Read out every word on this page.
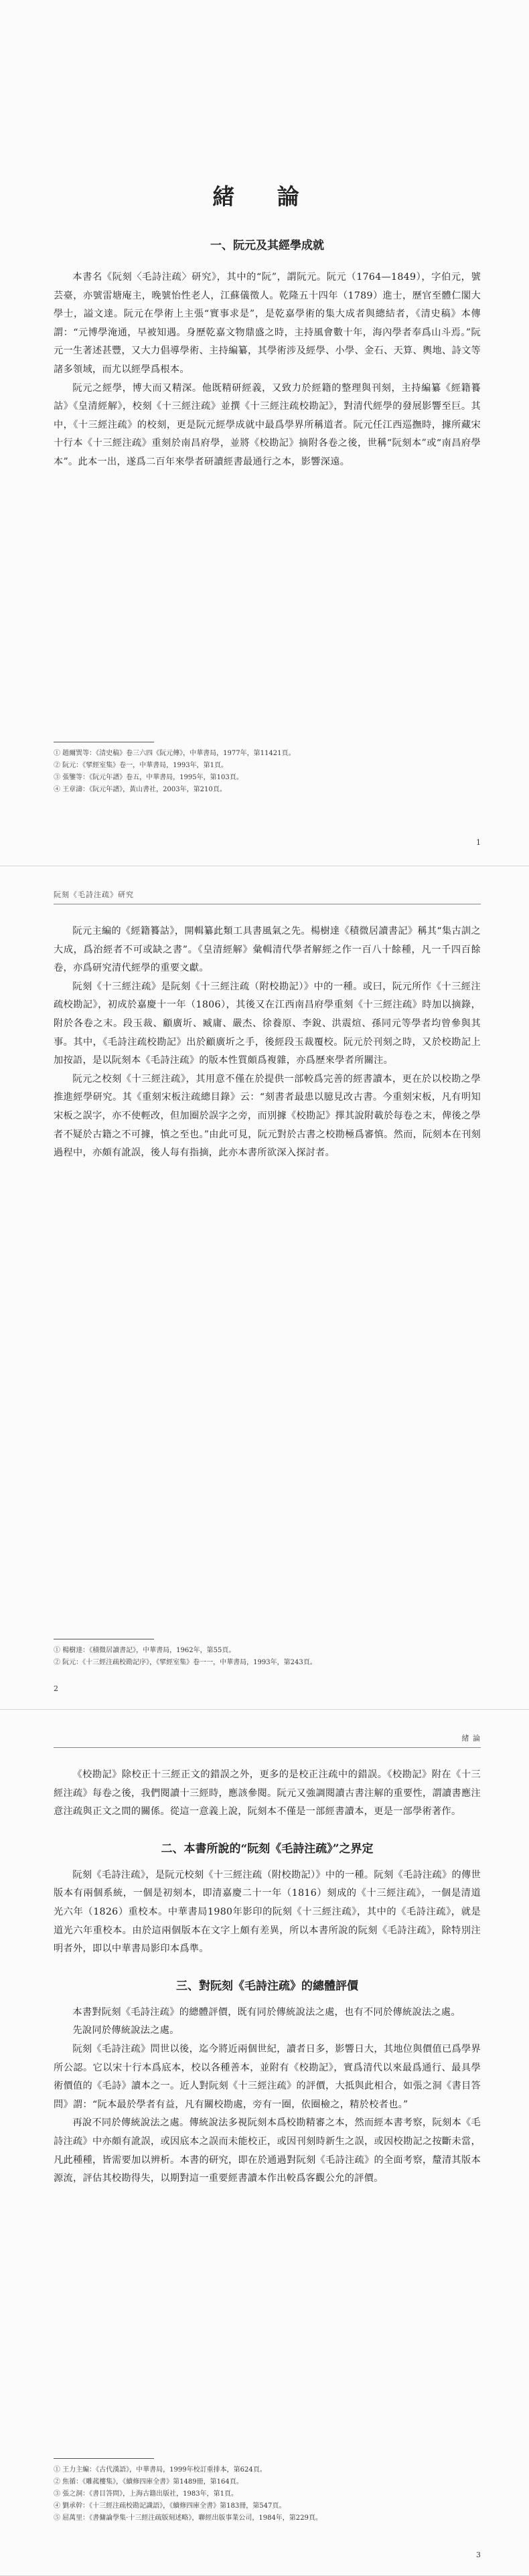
緒 論
一、阮元及其經學成就

本書名《阮刻〈毛詩注疏〉研究》，其中的“阮”，謂阮元。阮元（1764—1849），字伯元，號芸臺，亦號雷塘庵主，晚號怡性老人，江蘇儀徵人。乾隆五十四年（1789）進士，歷官至體仁閣大學士，謚文達。阮元在學術上主張“實事求是”，是乾嘉學術的集大成者與總結者，《清史稿》本傳謂：“元博學淹通，早被知遇。身歷乾嘉文物鼎盛之時，主持風會數十年，海內學者奉爲山斗焉。”阮元一生著述甚豐，又大力倡導學術、主持編纂，其學術涉及經學、小學、金石、天算、輿地、詩文等諸多領域，而尤以經學爲根本。

阮元之經學，博大而又精深。他既精研經義，又致力於經籍的整理與刊刻，主持編纂《經籍籑詁》《皇清經解》，校刻《十三經注疏》並撰《十三經注疏校勘記》，對清代經學的發展影響至巨。其中，《十三經注疏》的校刻，更是阮元經學成就中最爲學界所稱道者。阮元任江西巡撫時，據所藏宋十行本《十三經注疏》重刻於南昌府學，並將《校勘記》摘附各卷之後，世稱“阮刻本”或“南昌府學本”。此本一出，遂爲二百年來學者研讀經書最通行之本，影響深遠。

① 趙爾巽等：《清史稿》卷三六四《阮元傳》，中華書局，1977年，第11421頁。

② 阮元：《揅經室集》卷一，中華書局，1993年，第1頁。

③ 張鑒等：《阮元年譜》卷五，中華書局，1995年，第103頁。

④ 王章濤：《阮元年譜》，黃山書社，2003年，第210頁。

1
阮刻《毛詩注疏》研究

阮元主編的《經籍籑詁》，開輯纂此類工具書風氣之先。楊樹達《積微居讀書記》稱其“集古訓之大成，爲治經者不可或缺之書”。《皇清經解》彙輯清代學者解經之作一百八十餘種，凡一千四百餘卷，亦爲研究清代經學的重要文獻。

阮刻《十三經注疏》是阮刻《十三經注疏（附校勘記）》中的一種。或曰，阮元所作《十三經注疏校勘記》，初成於嘉慶十一年（1806），其後又在江西南昌府學重刻《十三經注疏》時加以摘錄，附於各卷之末。段玉裁、顧廣圻、臧庸、嚴杰、徐養原、李銳、洪震煊、孫同元等學者均曾參與其事。其中，《毛詩注疏校勘記》出於顧廣圻之手，後經段玉裁覆校。阮元於刊刻之時，又於校勘記上加按語，是以阮刻本《毛詩注疏》的版本性質頗爲複雜，亦爲歷來學者所關注。

阮元之校刻《十三經注疏》，其用意不僅在於提供一部較爲完善的經書讀本，更在於以校勘之學推進經學研究。其《重刻宋板注疏總目錄》云：“刻書者最患以臆見改古書。今重刻宋板，凡有明知宋板之誤字，亦不使輕改，但加圈於誤字之旁，而別據《校勘記》擇其說附載於每卷之末，俾後之學者不疑於古籍之不可據，慎之至也。”由此可見，阮元對於古書之校勘極爲審慎。然而，阮刻本在刊刻過程中，亦頗有訛誤，後人每有指摘，此亦本書所欲深入探討者。

① 楊樹達：《積微居讀書記》，中華書局，1962年，第55頁。

② 阮元：《十三經注疏校勘記序》，《揅經室集》卷一一，中華書局，1993年，第243頁。

2
緒 論

《校勘記》除校正十三經正文的錯誤之外，更多的是校正注疏中的錯誤。《校勘記》附在《十三經注疏》每卷之後，我們閱讀十三經時，應該參閱。阮元又強調閱讀古書注解的重要性，謂讀書應注意注疏與正文之間的關係。從這一意義上說，阮刻本不僅是一部經書讀本，更是一部學術著作。

二、本書所說的“阮刻《毛詩注疏》”之界定

阮刻《毛詩注疏》，是阮元校刻《十三經注疏（附校勘記）》中的一種。阮刻《毛詩注疏》的傳世版本有兩個系統，一個是初刻本，即清嘉慶二十一年（1816）刻成的《十三經注疏》，一個是清道光六年（1826）重校本。中華書局1980年影印的阮刻《十三經注疏》，其中的《毛詩注疏》，就是道光六年重校本。由於這兩個版本在文字上頗有差異，所以本書所說的阮刻《毛詩注疏》，除特別注明者外，即以中華書局影印本爲準。

三、對阮刻《毛詩注疏》的總體評價

本書對阮刻《毛詩注疏》的總體評價，既有同於傳統說法之處，也有不同於傳統說法之處。

先說同於傳統說法之處。

阮刻《毛詩注疏》問世以後，迄今將近兩個世紀，讀者日多，影響日大，其地位與價值已爲學界所公認。它以宋十行本爲底本，校以各種善本，並附有《校勘記》，實爲清代以來最爲通行、最具學術價值的《毛詩》讀本之一。近人對阮刻《十三經注疏》的評價，大抵與此相合，如張之洞《書目答問》謂：“阮本最於學者有益，凡有關校勘處，旁有一圈，依圈檢之，精於校者也。”

再說不同於傳統說法之處。傳統說法多視阮刻本爲校勘精審之本，然而經本書考察，阮刻本《毛詩注疏》中亦頗有訛誤，或因底本之誤而未能校正，或因刊刻時新生之誤，或因校勘記之按斷未當，凡此種種，皆需要加以辨析。本書的研究，即在於通過對阮刻《毛詩注疏》的全面考察，釐清其版本源流，評估其校勘得失，以期對這一重要經書讀本作出較爲客觀公允的評價。

① 王力主編：《古代漢語》，中華書局，1999年校訂重排本，第624頁。

② 焦循：《雕菰樓集》，《續修四庫全書》第1489冊，第164頁。

③ 張之洞：《書目答問》，上海古籍出版社，1983年，第1頁。

④ 劉承幹：《十三經注疏校勘記識語》，《續修四庫全書》第183冊，第547頁。

⑤ 屈萬里：《書傭論學集·十三經注疏版刻述略》，聯經出版事業公司，1984年，第229頁。

3
